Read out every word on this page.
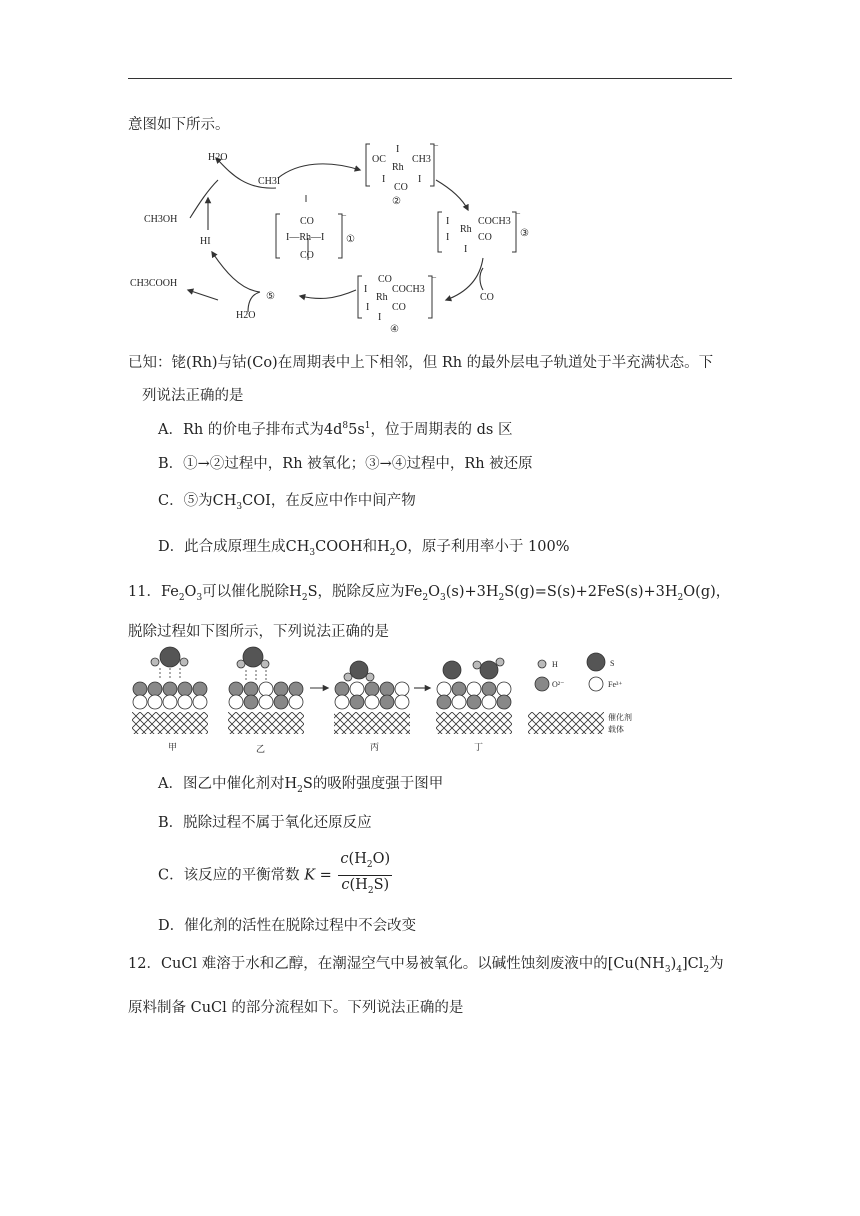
意图如下所示。
H2O
CH3I
CH3OH
HI
CH3COOH
⑤
H2O
CO
CO
I—Rh—I
CO
−
①
I
OC
Rh
CH3
I	I
CO
−
②
I
I
Rh
COCH3
CO
I
−
③
CO
I
Rh
COCH3
I CO
I
−
④
已知：铑(Rh)与钴(Co)在周期表中上下相邻，但 Rh 的最外层电子轨道处于半充满状态。下
列说法正确的是
A．Rh 的价电子排布式为$4d^85s^1$，位于周期表的 ds 区
B．①→②过程中，Rh 被氧化；③→④过程中，Rh 被还原
C．⑤为$CH_3COI$，在反应中作中间产物
D．此合成原理生成$CH_3COOH$和$H_2O$，原子利用率小于 100%
11．$Fe_2O_3$可以催化脱除$H_2S$，脱除反应为$Fe_2O_3(s)+3H_2S(g)=S(s)+2FeS(s)+3H_2O(g)$，
脱除过程如下图所示，下列说法正确的是
甲	乙	丙	丁
H	S
O²⁻	Fe³⁺
催化剂
载体
A．图乙中催化剂对$H_2S$的吸附强度强于图甲
B．脱除过程不属于氧化还原反应
C．该反应的平衡常数 $K = \frac{c(H_2O)}{c(H_2S)}$
D．催化剂的活性在脱除过程中不会改变
12．CuCl 难溶于水和乙醇，在潮湿空气中易被氧化。以碱性蚀刻废液中的$[Cu(NH_3)_4]Cl_2$为
原料制备 CuCl 的部分流程如下。下列说法正确的是
